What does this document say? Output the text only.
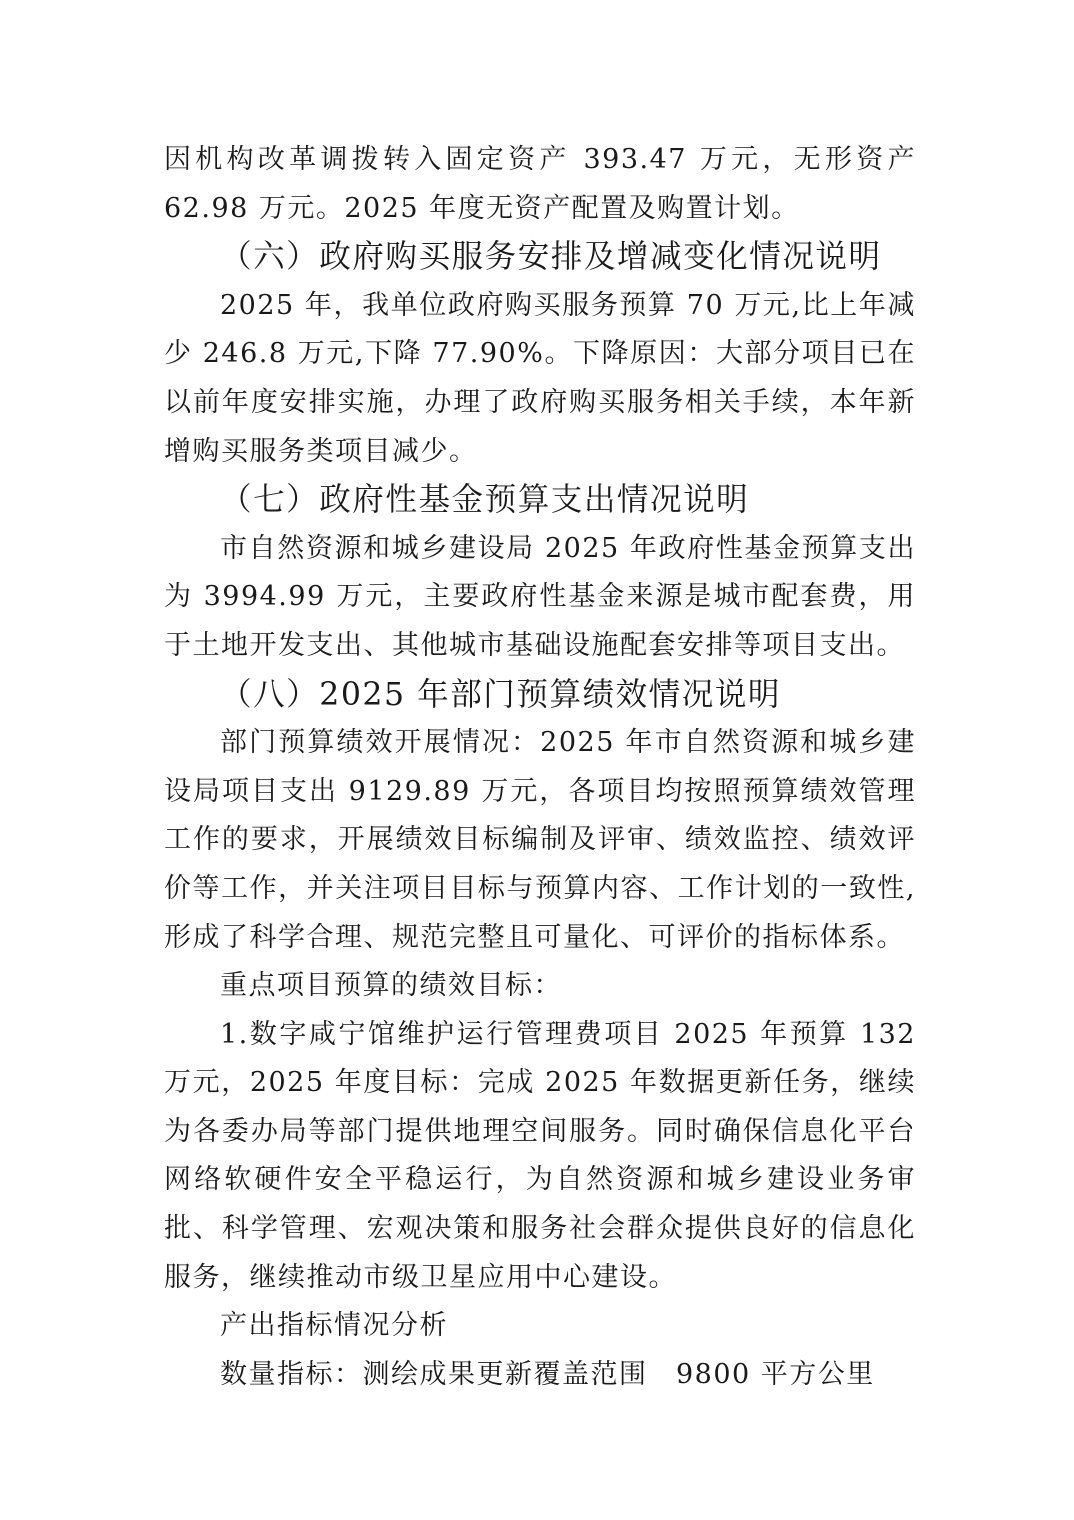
因机构改革调拨转入固定资产 393.47 万元，无形资产 62.98 万元。2025 年度无资产配置及购置计划。

（六）政府购买服务安排及增减变化情况说明

2025 年，我单位政府购买服务预算 70 万元,比上年减少 246.8 万元,下降 77.90%。下降原因：大部分项目已在以前年度安排实施，办理了政府购买服务相关手续，本年新增购买服务类项目减少。

（七）政府性基金预算支出情况说明

市自然资源和城乡建设局 2025 年政府性基金预算支出为 3994.99 万元，主要政府性基金来源是城市配套费，用于土地开发支出、其他城市基础设施配套安排等项目支出。

（八）2025 年部门预算绩效情况说明

部门预算绩效开展情况：2025 年市自然资源和城乡建设局项目支出 9129.89 万元，各项目均按照预算绩效管理工作的要求，开展绩效目标编制及评审、绩效监控、绩效评价等工作，并关注项目目标与预算内容、工作计划的一致性,形成了科学合理、规范完整且可量化、可评价的指标体系。

重点项目预算的绩效目标：

1.数字咸宁馆维护运行管理费项目 2025 年预算 132 万元，2025 年度目标：完成 2025 年数据更新任务，继续为各委办局等部门提供地理空间服务。同时确保信息化平台网络软硬件安全平稳运行，为自然资源和城乡建设业务审批、科学管理、宏观决策和服务社会群众提供良好的信息化服务，继续推动市级卫星应用中心建设。

产出指标情况分析

数量指标：测绘成果更新覆盖范围　9800 平方公里
